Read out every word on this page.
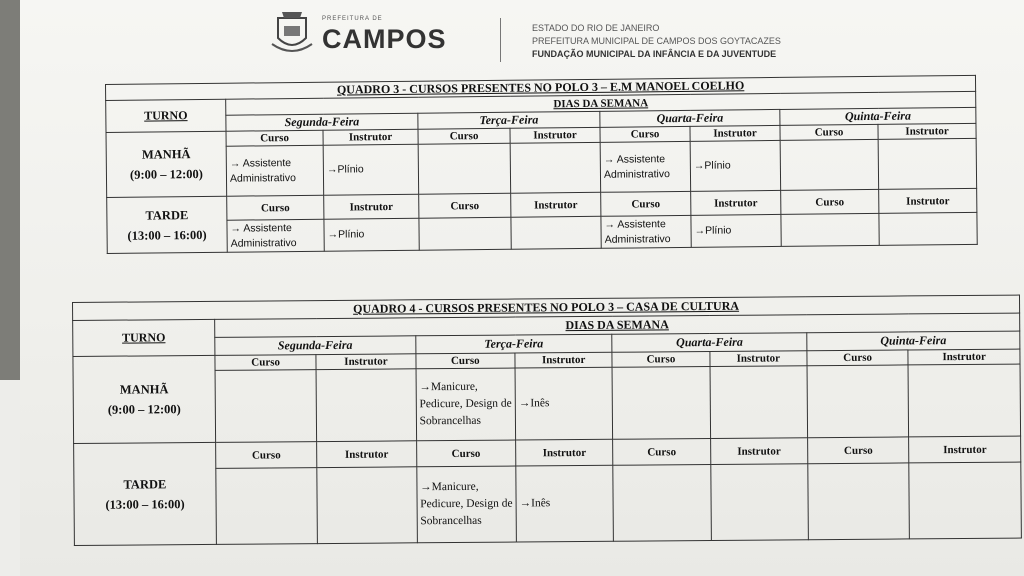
PREFEITURA DE
CAMPOS	ESTADO DO RIO DE JANEIRO
PREFEITURA MUNICIPAL DE CAMPOS DOS GOYTACAZES
FUNDAÇÃO MUNICIPAL DA INFÂNCIA E DA JUVENTUDE
QUADRO 3 - CURSOS PRESENTES NO POLO 3 – E.M MANOEL COELHO								
TURNO	DIAS DA SEMANA							
	Segunda-Feira		Terça-Feira		Quarta-Feira		Quinta-Feira	

MANHÃ
(9:00 – 12:00)	Curso	Instrutor	Curso	Instrutor	Curso	Instrutor	Curso	Instrutor
	→ Assistente Administrativo	→Plínio			→ Assistente Administrativo	→Plínio		

TARDE
(13:00 – 16:00)	Curso	Instrutor	Curso	Instrutor	Curso	Instrutor	Curso	Instrutor
	→ Assistente Administrativo	→Plínio			→ Assistente Administrativo	→Plínio		
QUADRO 4 - CURSOS PRESENTES NO POLO 3 – CASA DE CULTURA								
TURNO	DIAS DA SEMANA							
	Segunda-Feira		Terça-Feira		Quarta-Feira		Quinta-Feira	

MANHÃ
(9:00 – 12:00)	Curso	Instrutor	Curso	Instrutor	Curso	Instrutor	Curso	Instrutor
			→Manicure, Pedicure, Design de Sobrancelhas	→Inês				

TARDE
(13:00 – 16:00)	Curso	Instrutor	Curso	Instrutor	Curso	Instrutor	Curso	Instrutor
			→Manicure, Pedicure, Design de Sobrancelhas	→Inês				
